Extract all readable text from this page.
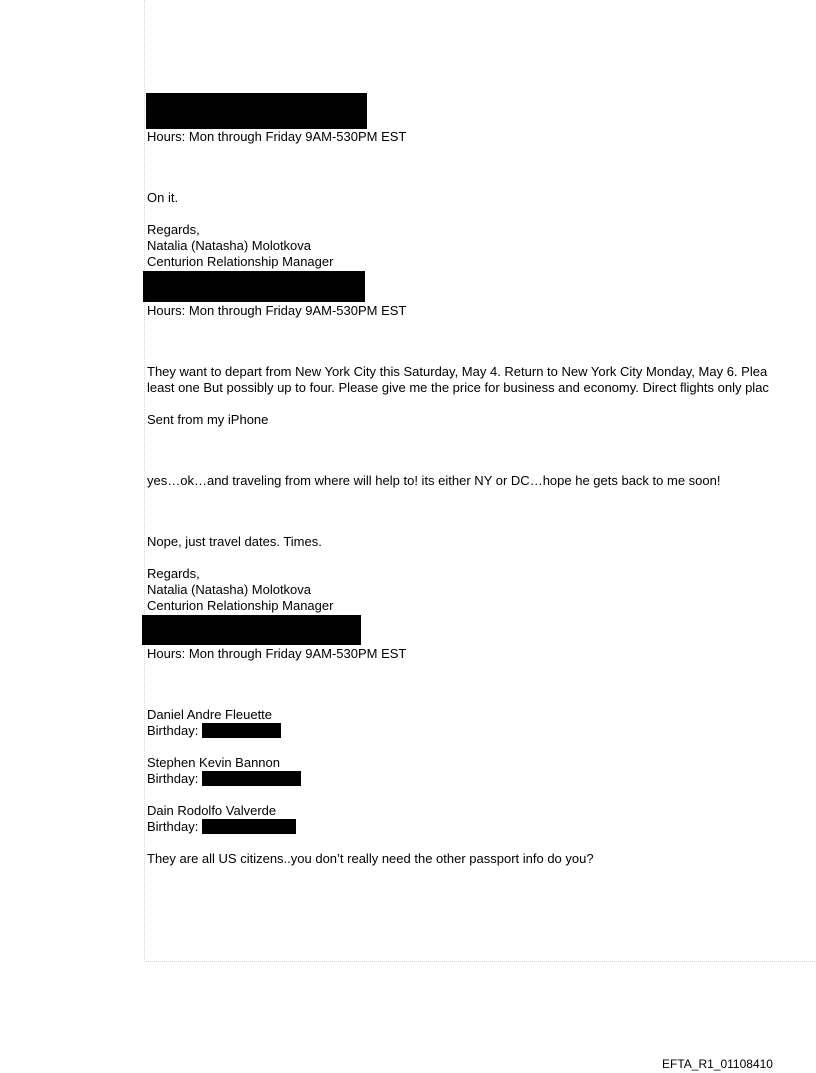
Hours: Mon through Friday 9AM-530PM EST
On it.
Regards,
Natalia (Natasha) Molotkova
Centurion Relationship Manager
Hours: Mon through Friday 9AM-530PM EST
They want to depart from New York City this Saturday, May 4. Return to New York City Monday, May 6. Plea
least one But possibly up to four. Please give me the price for business and economy. Direct flights only plac
Sent from my iPhone
yes…ok…and traveling from where will help to! its either NY or DC…hope he gets back to me soon!
Nope, just travel dates. Times.
Regards,
Natalia (Natasha) Molotkova
Centurion Relationship Manager
Hours: Mon through Friday 9AM-530PM EST
Daniel Andre Fleuette
Birthday:
Stephen Kevin Bannon
Birthday:
Dain Rodolfo Valverde
Birthday:
They are all US citizens..you don’t really need the other passport info do you?
EFTA_R1_01108410
